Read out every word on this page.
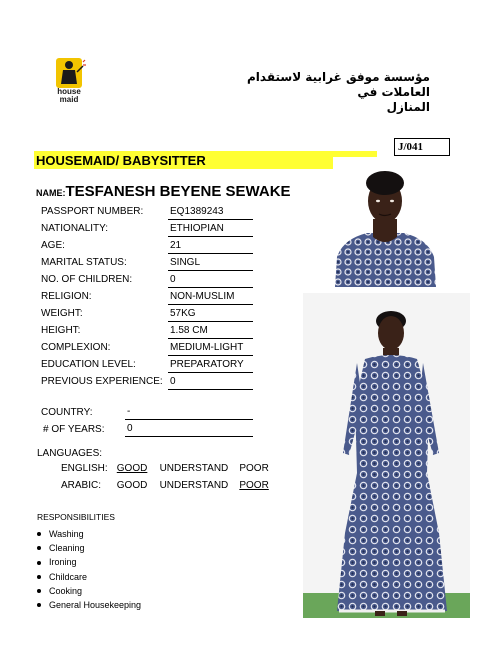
house
maid
مؤسسة موفق غرابية لاستقدام العاملات في
المنازل
J/041
HOUSEMAID/ BABYSITTER
NAME:TESFANESH BEYENE SEWAKE
PASSPORT NUMBER:	EQ1389243
NATIONALITY:	ETHIOPIAN
AGE:	21
MARITAL STATUS:	SINGL
NO. OF CHILDREN:	0
RELIGION:	NON-MUSLIM
WEIGHT:	57KG
HEIGHT:	1.58 CM
COMPLEXION:	MEDIUM-LIGHT
EDUCATION LEVEL:	PREPARATORY
PREVIOUS EXPERIENCE: 0
COUNTRY:	-
# OF YEARS: 0
LANGUAGES:
ENGLISH: GOOD UNDERSTAND POOR
ARABIC: GOOD UNDERSTAND POOR
RESPONSIBILITIES
Washing
Cleaning
Ironing
Childcare
Cooking
General Housekeeping
